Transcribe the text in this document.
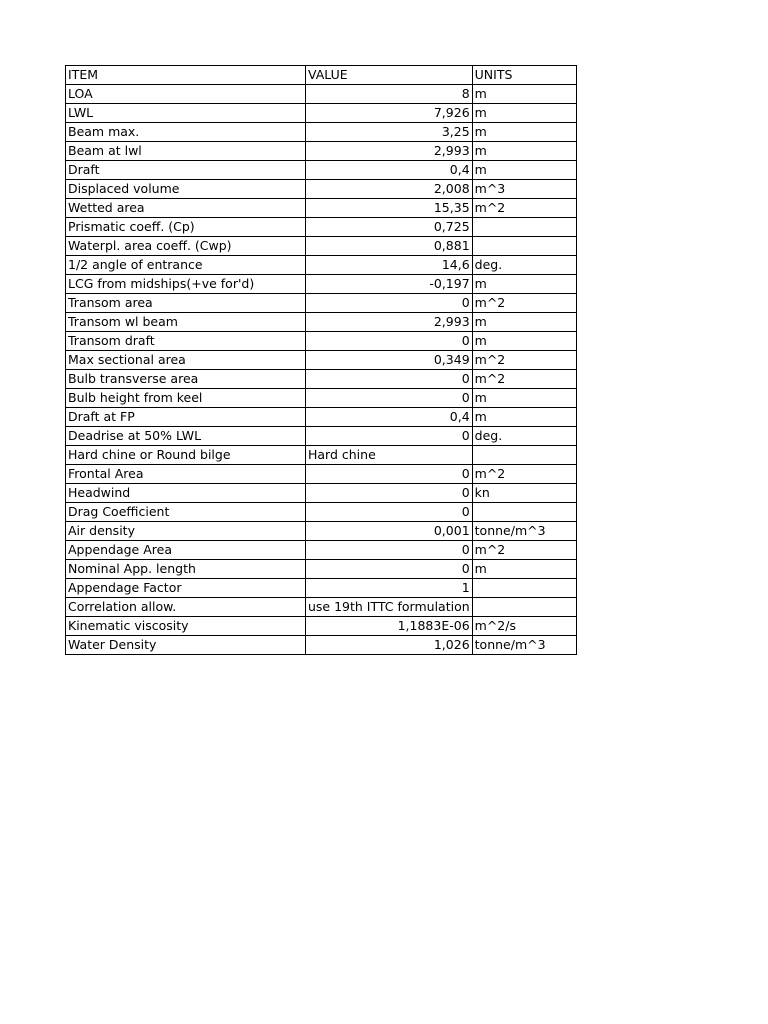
ITEM	VALUE	UNITS
LOA	8	m
LWL	7,926	m
Beam max.	3,25	m
Beam at lwl	2,993	m
Draft	0,4	m
Displaced volume	2,008	m^3
Wetted area	15,35	m^2
Prismatic coeff. (Cp)	0,725	
Waterpl. area coeff. (Cwp)	0,881	
1/2 angle of entrance	14,6	deg.
LCG from midships(+ve for'd)	-0,197	m
Transom area	0	m^2
Transom wl beam	2,993	m
Transom draft	0	m
Max sectional area	0,349	m^2
Bulb transverse area	0	m^2
Bulb height from keel	0	m
Draft at FP	0,4	m
Deadrise at 50% LWL	0	deg.
Hard chine or Round bilge	Hard chine	
Frontal Area	0	m^2
Headwind	0	kn
Drag Coefficient	0	
Air density	0,001	tonne/m^3
Appendage Area	0	m^2
Nominal App. length	0	m
Appendage Factor	1	
Correlation allow.	use 19th ITTC formulation	
Kinematic viscosity	1,1883E-06	m^2/s
Water Density	1,026	tonne/m^3
